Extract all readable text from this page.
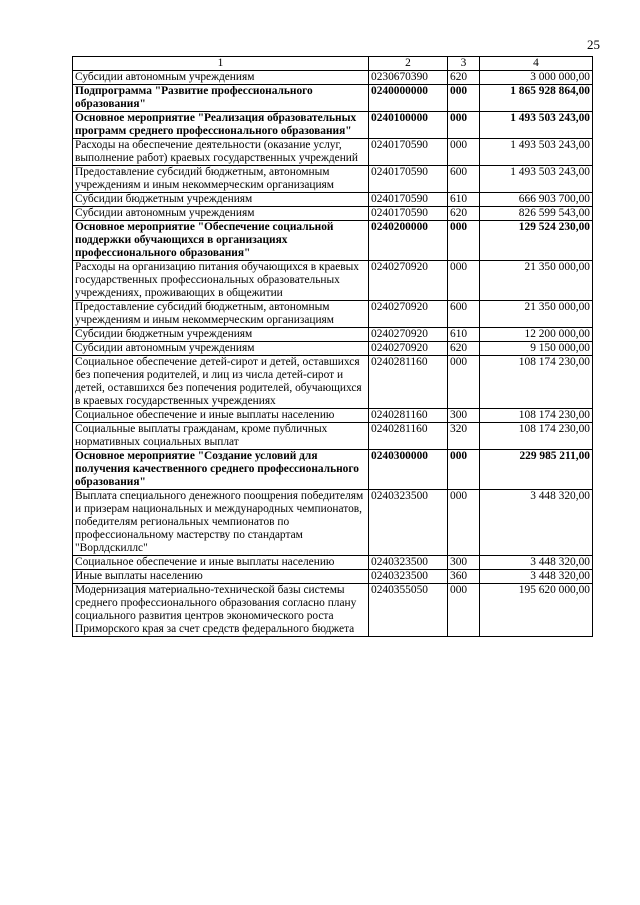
25
1	2	3	4
Субсидии автономным учреждениям	0230670390	620	3 000 000,00
Подпрограмма "Развитие профессионального образования"	0240000000	000	1 865 928 864,00
Основное мероприятие "Реализация образовательных программ среднего профессионального образования"	0240100000	000	1 493 503 243,00
Расходы на обеспечение деятельности (оказание услуг, выполнение работ) краевых государственных учреждений	0240170590	000	1 493 503 243,00
Предоставление субсидий бюджетным, автономным учреждениям и иным некоммерческим организациям	0240170590	600	1 493 503 243,00
Субсидии бюджетным учреждениям	0240170590	610	666 903 700,00
Субсидии автономным учреждениям	0240170590	620	826 599 543,00
Основное мероприятие "Обеспечение социальной поддержки обучающихся в организациях профессионального образования"	0240200000	000	129 524 230,00
Расходы на организацию питания обучающихся в краевых государственных профессиональных образовательных учреждениях, проживающих в общежитии	0240270920	000	21 350 000,00
Предоставление субсидий бюджетным, автономным учреждениям и иным некоммерческим организациям	0240270920	600	21 350 000,00
Субсидии бюджетным учреждениям	0240270920	610	12 200 000,00
Субсидии автономным учреждениям	0240270920	620	9 150 000,00
Социальное обеспечение детей-сирот и детей, оставшихся без попечения родителей, и лиц из числа детей-сирот и детей, оставшихся без попечения родителей, обучающихся в краевых государственных учреждениях	0240281160	000	108 174 230,00
Социальное обеспечение и иные выплаты населению	0240281160	300	108 174 230,00
Социальные выплаты гражданам, кроме публичных нормативных социальных выплат	0240281160	320	108 174 230,00
Основное мероприятие "Создание условий для получения качественного среднего профессионального образования"	0240300000	000	229 985 211,00
Выплата специального денежного поощрения победителям и призерам национальных и международных чемпионатов, победителям региональных чемпионатов по профессиональному мастерству по стандартам "Ворлдскиллс"	0240323500	000	3 448 320,00
Социальное обеспечение и иные выплаты населению	0240323500	300	3 448 320,00
Иные выплаты населению	0240323500	360	3 448 320,00
Модернизация материально-технической базы системы среднего профессионального образования согласно плану социального развития центров экономического роста Приморского края за счет средств федерального бюджета	0240355050	000	195 620 000,00
